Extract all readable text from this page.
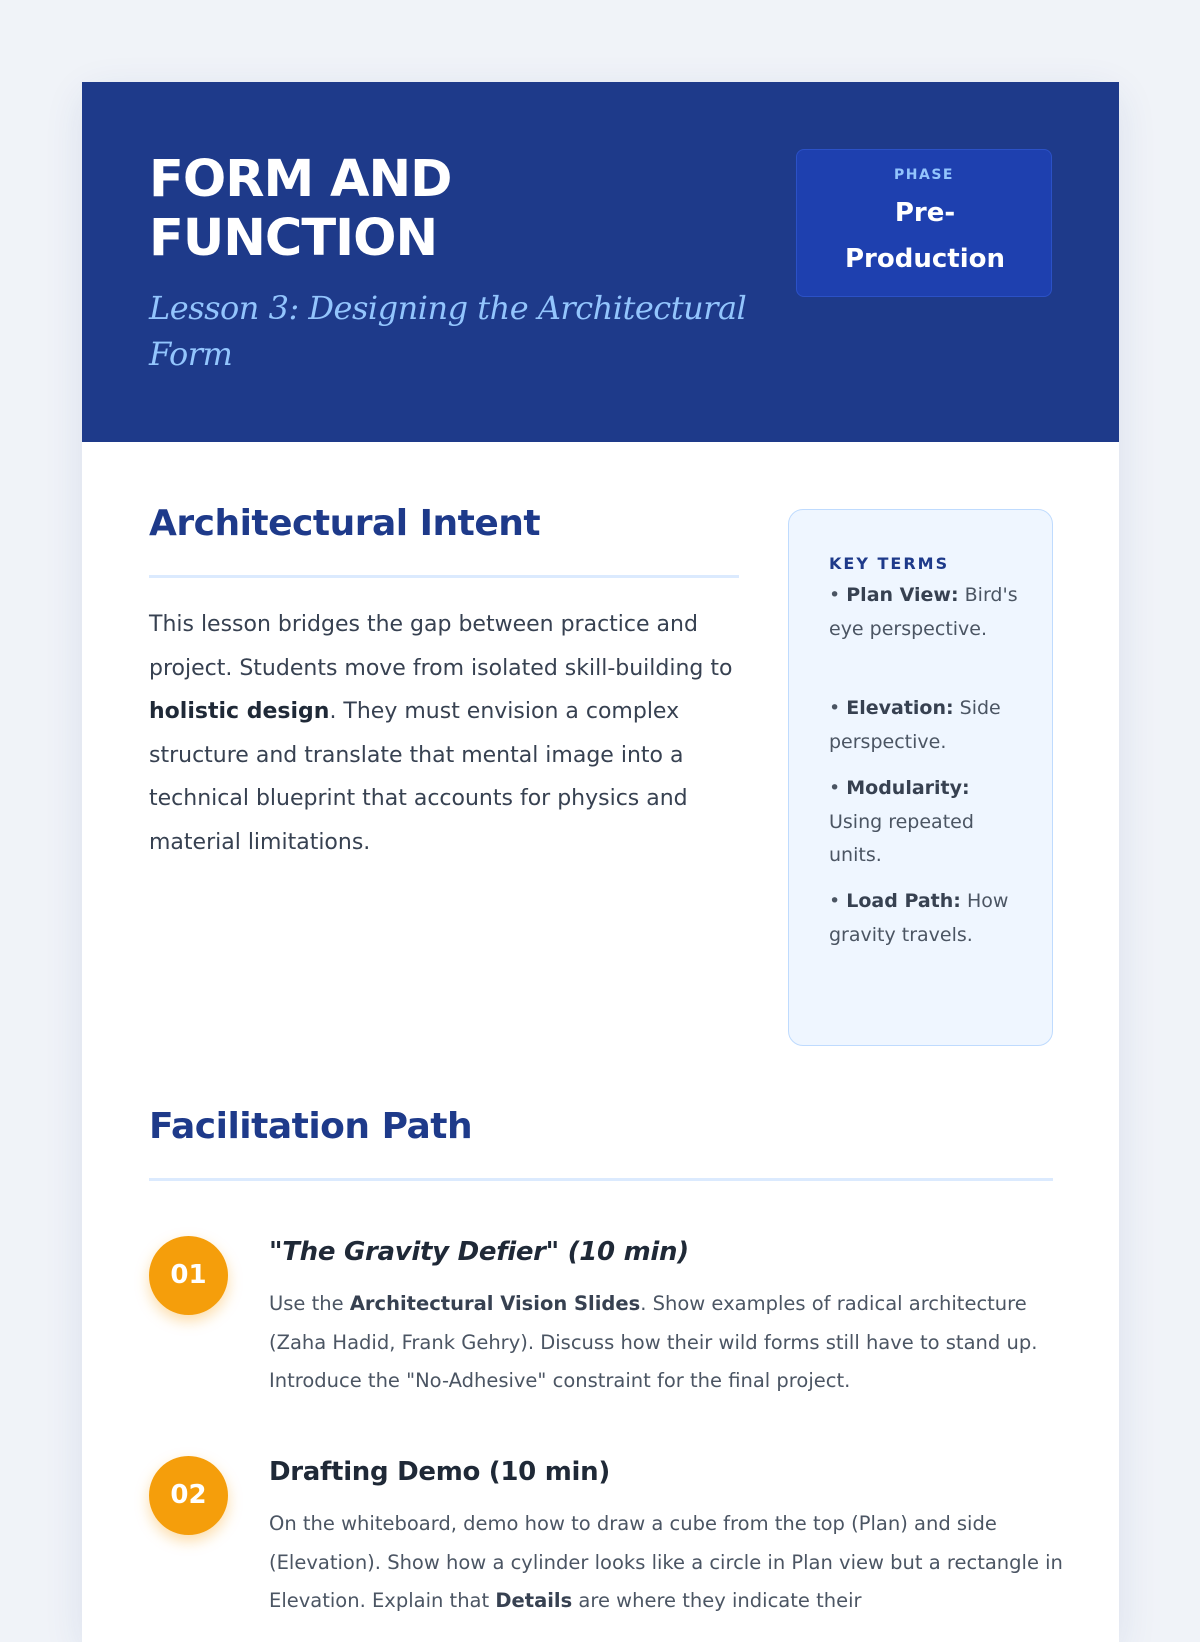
FORM AND FUNCTION
Lesson 3: Designing the Architectural Form
PHASE
Pre-Production
Architectural Intent

This lesson bridges the gap between practice and project. Students move from isolated skill-building to holistic design. They must envision a complex structure and translate that mental image into a technical blueprint that accounts for physics and material limitations.

KEY TERMS
• Plan View: Bird's eye perspective.
• Elevation: Side perspective.
• Modularity: Using repeated units.
• Load Path: How gravity travels.
Facilitation Path
01
"The Gravity Defier" (10 min)

Use the Architectural Vision Slides. Show examples of radical architecture (Zaha Hadid, Frank Gehry). Discuss how their wild forms still have to stand up. Introduce the "No-Adhesive" constraint for the final project.

02
Drafting Demo (10 min)

On the whiteboard, demo how to draw a cube from the top (Plan) and side (Elevation). Show how a cylinder looks like a circle in Plan view but a rectangle in Elevation. Explain that Details are where they indicate their
